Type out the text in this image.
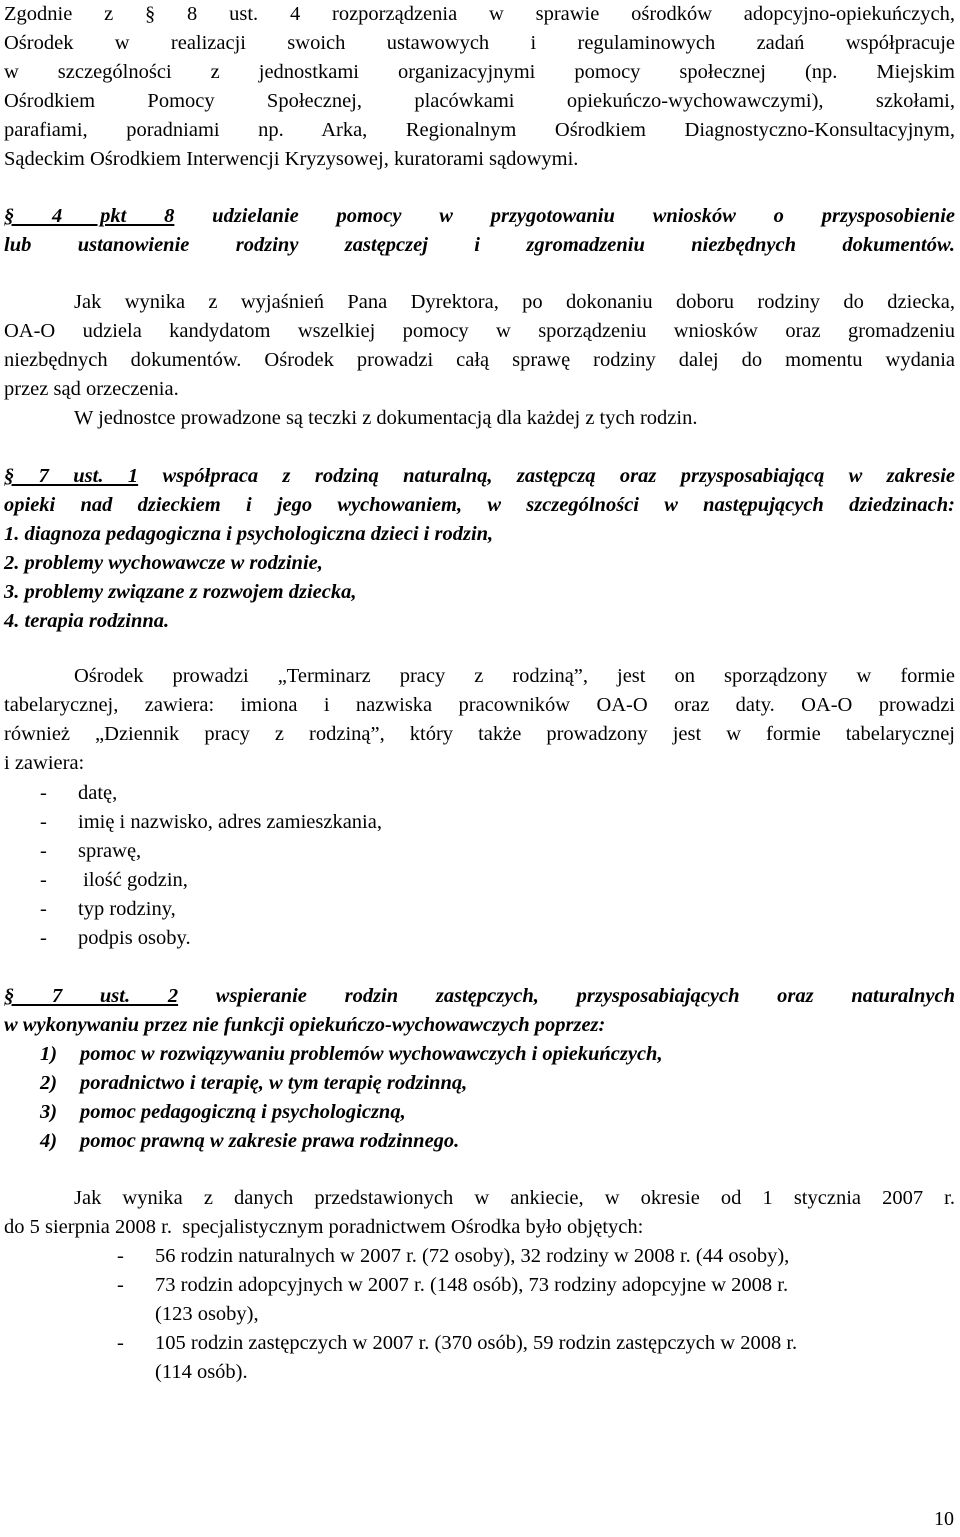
Zgodnie z § 8 ust. 4 rozporządzenia w sprawie ośrodków adopcyjno-opiekuńczych,
Ośrodek w realizacji swoich ustawowych i regulaminowych zadań współpracuje
w szczególności z jednostkami organizacyjnymi pomocy społecznej (np. Miejskim
Ośrodkiem Pomocy Społecznej, placówkami opiekuńczo-wychowawczymi), szkołami,
parafiami, poradniami np. Arka, Regionalnym Ośrodkiem Diagnostyczno-Konsultacyjnym,
Sądeckim Ośrodkiem Interwencji Kryzysowej, kuratorami sądowymi.
§ 4 pkt 8 udzielanie pomocy w przygotowaniu wniosków o przysposobienie
lub ustanowienie rodziny zastępczej i zgromadzeniu niezbędnych dokumentów.
Jak wynika z wyjaśnień Pana Dyrektora, po dokonaniu doboru rodziny do dziecka,
OA-O udziela kandydatom wszelkiej pomocy w sporządzeniu wniosków oraz gromadzeniu
niezbędnych dokumentów. Ośrodek prowadzi całą sprawę rodziny dalej do momentu wydania
przez sąd orzeczenia.
W jednostce prowadzone są teczki z dokumentacją dla każdej z tych rodzin.
§ 7 ust. 1 współpraca z rodziną naturalną, zastępczą oraz przysposabiającą w zakresie
opieki nad dzieckiem i jego wychowaniem, w szczególności w następujących dziedzinach:
1. diagnoza pedagogiczna i psychologiczna dzieci i rodzin,
2. problemy wychowawcze w rodzinie,
3. problemy związane z rozwojem dziecka,
4. terapia rodzinna.
Ośrodek prowadzi „Terminarz pracy z rodziną”, jest on sporządzony w formie
tabelarycznej, zawiera: imiona i nazwiska pracowników OA-O oraz daty. OA-O prowadzi
również „Dziennik pracy z rodziną”, który także prowadzony jest w formie tabelarycznej
i zawiera:
- datę,
- imię i nazwisko, adres zamieszkania,
- sprawę,
- ilość godzin,
- typ rodziny,
- podpis osoby.
§ 7 ust. 2 wspieranie rodzin zastępczych, przysposabiających oraz naturalnych
w wykonywaniu przez nie funkcji opiekuńczo-wychowawczych poprzez:
1) pomoc w rozwiązywaniu problemów wychowawczych i opiekuńczych,
2) poradnictwo i terapię, w tym terapię rodzinną,
3) pomoc pedagogiczną i psychologiczną,
4) pomoc prawną w zakresie prawa rodzinnego.
Jak wynika z danych przedstawionych w ankiecie, w okresie od 1 stycznia 2007 r.
do 5 sierpnia 2008 r.  specjalistycznym poradnictwem Ośrodka było objętych:
- 56 rodzin naturalnych w 2007 r. (72 osoby), 32 rodziny w 2008 r. (44 osoby),
- 73 rodzin adopcyjnych w 2007 r. (148 osób), 73 rodziny adopcyjne w 2008 r.
(123 osoby),
- 105 rodzin zastępczych w 2007 r. (370 osób), 59 rodzin zastępczych w 2008 r.
(114 osób).
10
